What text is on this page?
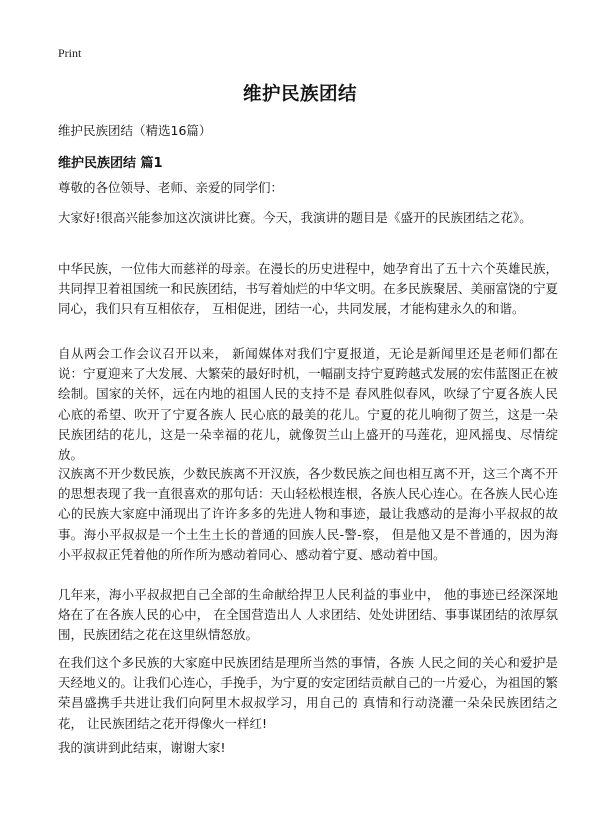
Print
维护民族团结

维护民族团结（精选16篇）

维护民族团结 篇1

尊敬的各位领导、老师、亲爱的同学们：

大家好!很高兴能参加这次演讲比赛。今天，我演讲的题目是《盛开的民族团结之花》。

中华民族，一位伟大而慈祥的母亲。在漫长的历史进程中，她孕育出了五十六个英雄民族，共同捍卫着祖国统一和民族团结，书写着灿烂的中华文明。在多民族聚居、美丽富饶的宁夏同心，我们只有互相依存， 互相促进，团结一心，共同发展，才能构建永久的和谐。

自从两会工作会议召开以来， 新闻媒体对我们宁夏报道，无论是新闻里还是老师们都在说：宁夏迎来了大发展、大繁荣的最好时机，一幅副支持宁夏跨越式发展的宏伟蓝图正在被绘制。国家的关怀，远在内地的祖国人民的支持不是 春风胜似春风，吹绿了宁夏各族人民心底的希望、吹开了宁夏各族人 民心底的最美的花儿。宁夏的花儿响彻了贺兰，这是一朵民族团结的花儿，这是一朵幸福的花儿，就像贺兰山上盛开的马莲花，迎风摇曳、尽情绽放。

汉族离不开少数民族，少数民族离不开汉族，各少数民族之间也相互离不开，这三个离不开的思想表现了我一直很喜欢的那句话：天山轻松根连根，各族人民心连心。在各族人民心连心的民族大家庭中涌现出了许许多多的先进人物和事迹，最让我感动的是海小平叔叔的故事。海小平叔叔是一个土生土长的普通的回族人民-警-察， 但是他又是不普通的，因为海小平叔叔正凭着他的所作所为感动着同心、感动着宁夏、感动着中国。

几年来，海小平叔叔把自己全部的生命献给捍卫人民利益的事业中， 他的事迹已经深深地烙在了在各族人民的心中， 在全国营造出人 人求团结、处处讲团结、事事谋团结的浓厚氛围，民族团结之花在这里纵情怒放。

在我们这个多民族的大家庭中民族团结是理所当然的事情，各族 人民之间的关心和爱护是天经地义的。让我们心连心，手挽手，为宁夏的安定团结贡献自己的一片爱心，为祖国的繁荣昌盛携手共进让我们向阿里木叔叔学习，用自己的 真情和行动浇灌一朵朵民族团结之花， 让民族团结之花开得像火一样红!

我的演讲到此结束，谢谢大家!
